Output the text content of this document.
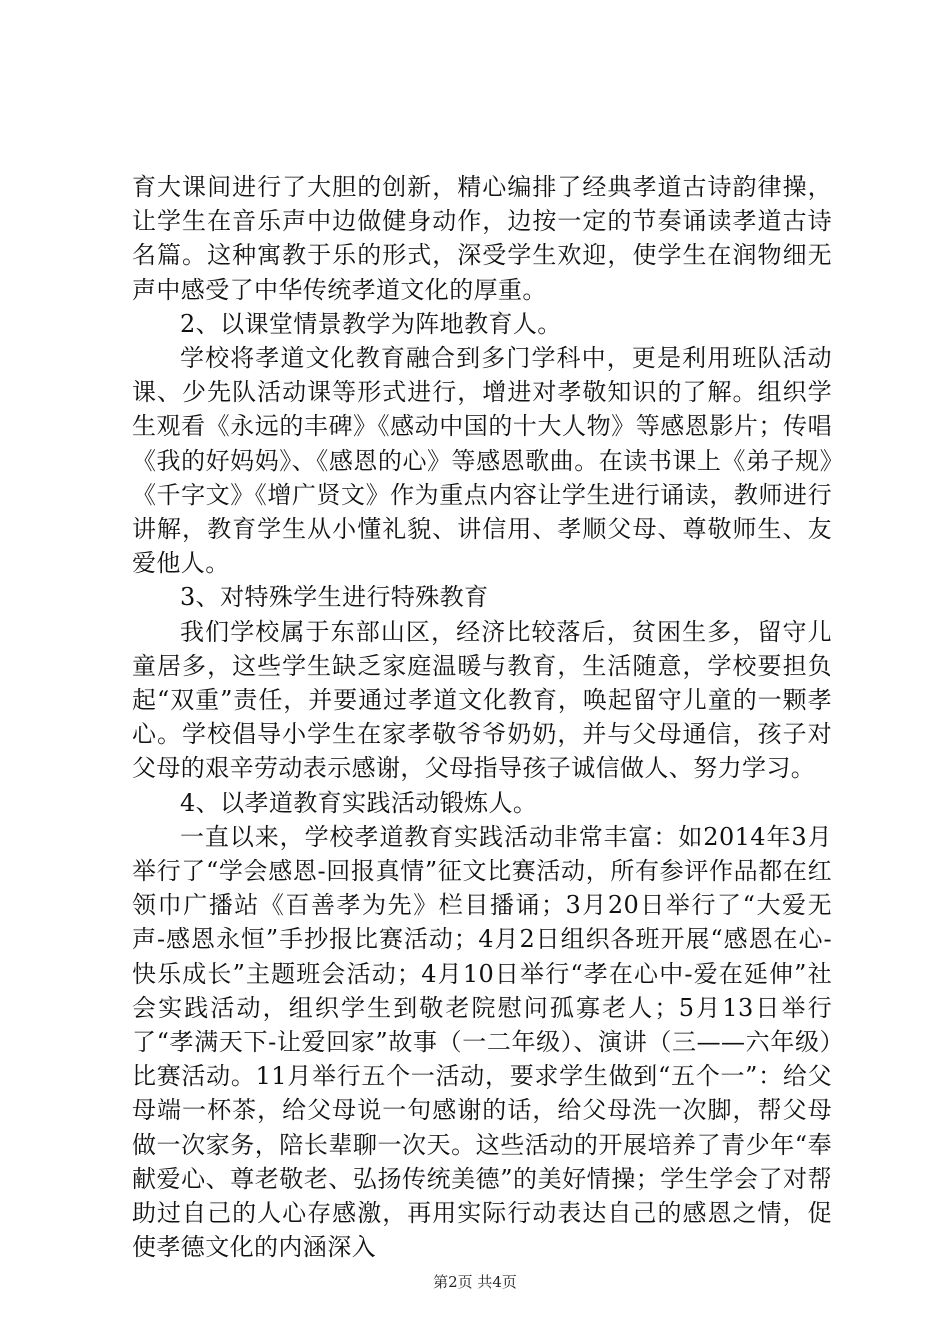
育大课间进行了大胆的创新，精心编排了经典孝道古诗韵律操，让学生在音乐声中边做健身动作，边按一定的节奏诵读孝道古诗名篇。这种寓教于乐的形式，深受学生欢迎，使学生在润物细无声中感受了中华传统孝道文化的厚重。

2、以课堂情景教学为阵地教育人。

学校将孝道文化教育融合到多门学科中，更是利用班队活动课、少先队活动课等形式进行，增进对孝敬知识的了解。组织学生观看《永远的丰碑》《感动中国的十大人物》等感恩影片；传唱《我的好妈妈》、《感恩的心》等感恩歌曲。在读书课上《弟子规》《千字文》《增广贤文》作为重点内容让学生进行诵读，教师进行讲解，教育学生从小懂礼貌、讲信用、孝顺父母、尊敬师生、友爱他人。

3、对特殊学生进行特殊教育

我们学校属于东部山区，经济比较落后，贫困生多，留守儿童居多，这些学生缺乏家庭温暖与教育，生活随意，学校要担负起“双重”责任，并要通过孝道文化教育，唤起留守儿童的一颗孝心。学校倡导小学生在家孝敬爷爷奶奶，并与父母通信，孩子对父母的艰辛劳动表示感谢，父母指导孩子诚信做人、努力学习。

4、以孝道教育实践活动锻炼人。

一直以来，学校孝道教育实践活动非常丰富：如2014年3月举行了“学会感恩-回报真情”征文比赛活动，所有参评作品都在红领巾广播站《百善孝为先》栏目播诵；3月20日举行了“大爱无声-感恩永恒”手抄报比赛活动；4月2日组织各班开展“感恩在心-快乐成长”主题班会活动；4月10日举行“孝在心中-爱在延伸”社会实践活动，组织学生到敬老院慰问孤寡老人；5月13日举行了“孝满天下-让爱回家”故事（一二年级）、演讲（三——六年级）比赛活动。11月举行五个一活动，要求学生做到“五个一”：给父母端一杯茶，给父母说一句感谢的话，给父母洗一次脚，帮父母做一次家务，陪长辈聊一次天。这些活动的开展培养了青少年“奉献爱心、尊老敬老、弘扬传统美德”的美好情操；学生学会了对帮助过自己的人心存感激，再用实际行动表达自己的感恩之情，促使孝德文化的内涵深入

第2页 共4页
